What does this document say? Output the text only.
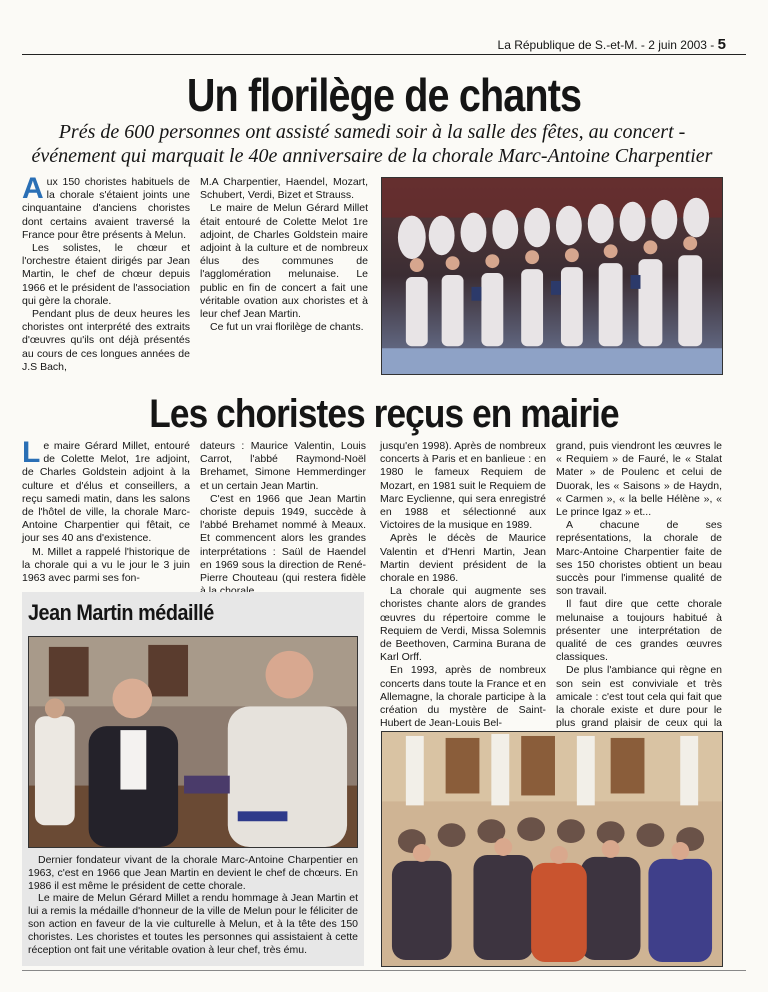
La République de S.-et-M. - 2 juin 2003 - 5
Un florilège de chants
Prés de 600 personnes ont assisté samedi soir à la salle des fêtes, au concert - événement qui marquait le 40e anniversaire de la chorale Marc-Antoine Charpentier

Aux 150 choristes habituels de la chorale s'étaient joints une cinquantaine d'anciens choristes dont certains avaient traversé la France pour être présents à Melun.

Les solistes, le chœur et l'orchestre étaient dirigés par Jean Martin, le chef de chœur depuis 1966 et le président de l'association qui gère la chorale.

Pendant plus de deux heures les choristes ont interprété des extraits d'œuvres qu'ils ont déjà présentés au cours de ces longues années de J.S Bach,

M.A Charpentier, Haendel, Mozart, Schubert, Verdi, Bizet et Strauss.

Le maire de Melun Gérard Millet était entouré de Colette Melot 1re adjoint, de Charles Goldstein maire adjoint à la culture et de nombreux élus des communes de l'agglomération melunaise. Le public en fin de concert a fait une véritable ovation aux choristes et à leur chef Jean Martin.

Ce fut un vrai florilège de chants.

Les choristes reçus en mairie

Le maire Gérard Millet, entouré de Colette Melot, 1re adjoint, de Charles Goldstein adjoint à la culture et d'élus et conseillers, a reçu samedi matin, dans les salons de l'hôtel de ville, la chorale Marc-Antoine Charpentier qui fêtait, ce jour ses 40 ans d'existence.

M. Millet a rappelé l'historique de la chorale qui a vu le jour le 3 juin 1963 avec parmi ses fon-

dateurs : Maurice Valentin, Louis Carrot, l'abbé Raymond-Noël Brehamet, Simone Hemmerdinger et un certain Jean Martin.

C'est en 1966 que Jean Martin choriste depuis 1949, succède à l'abbé Brehamet nommé à Meaux. Et commencent alors les grandes interprétations : Saül de Haendel en 1969 sous la direction de René-Pierre Chouteau (qui restera fidèle

jusqu'en 1998). Après de nombreux concerts à Paris et en banlieue : en 1980 le fameux Requiem de Mozart, en 1981 suit le Requiem de Marc Eyclienne, qui sera enregistré en 1988 et sélectionné aux Victoires de la musique en 1989.

Après le décès de Maurice Valentin et d'Henri Martin, Jean Martin devient président de la chorale en 1986.

La chorale qui augmente ses choristes chante alors de grandes œuvres du répertoire comme le Requiem de Verdi, Missa Solemnis de Beethoven, Carmina Burana de Karl Orff.

En 1993, après de nombreux concerts dans toute la France et en Allemagne, la chorale participe à la création du mystère de Saint-Hubert de Jean-Louis Bel-

grand, puis viendront les œuvres le « Requiem » de Fauré, le « Stalat Mater » de Poulenc et celui de Duorak, les « Saisons » de Haydn, « Carmen », « la belle Hélène », « Le prince Igaz » et...

A chacune de ses représentations, la chorale de Marc-Antoine Charpentier faite de ses 150 choristes obtient un beau succès pour l'immense qualité de son travail.

Il faut dire que cette chorale melunaise a toujours habitué à présenter une interprétation de qualité de ces grandes œuvres classiques.

De plus l'ambiance qui règne en son sein est conviviale et très amicale : c'est tout cela qui fait que la chorale existe et dure pour le plus grand plaisir de ceux qui la

Jean Martin médaillé

Dernier fondateur vivant de la chorale Marc-Antoine Charpentier en 1963, c'est en 1966 que Jean Martin en devient le chef de chœurs. En 1986 il est même le président de cette chorale.

Le maire de Melun Gérard Millet a rendu hommage à Jean Martin et lui a remis la médaille d'honneur de la ville de Melun pour le féliciter de son action en faveur de la vie culturelle à Melun, et à la tête des 150 choristes. Les choristes et toutes les personnes qui assistaient à cette réception ont fait une véritable ovation à leur chef, très ému.
